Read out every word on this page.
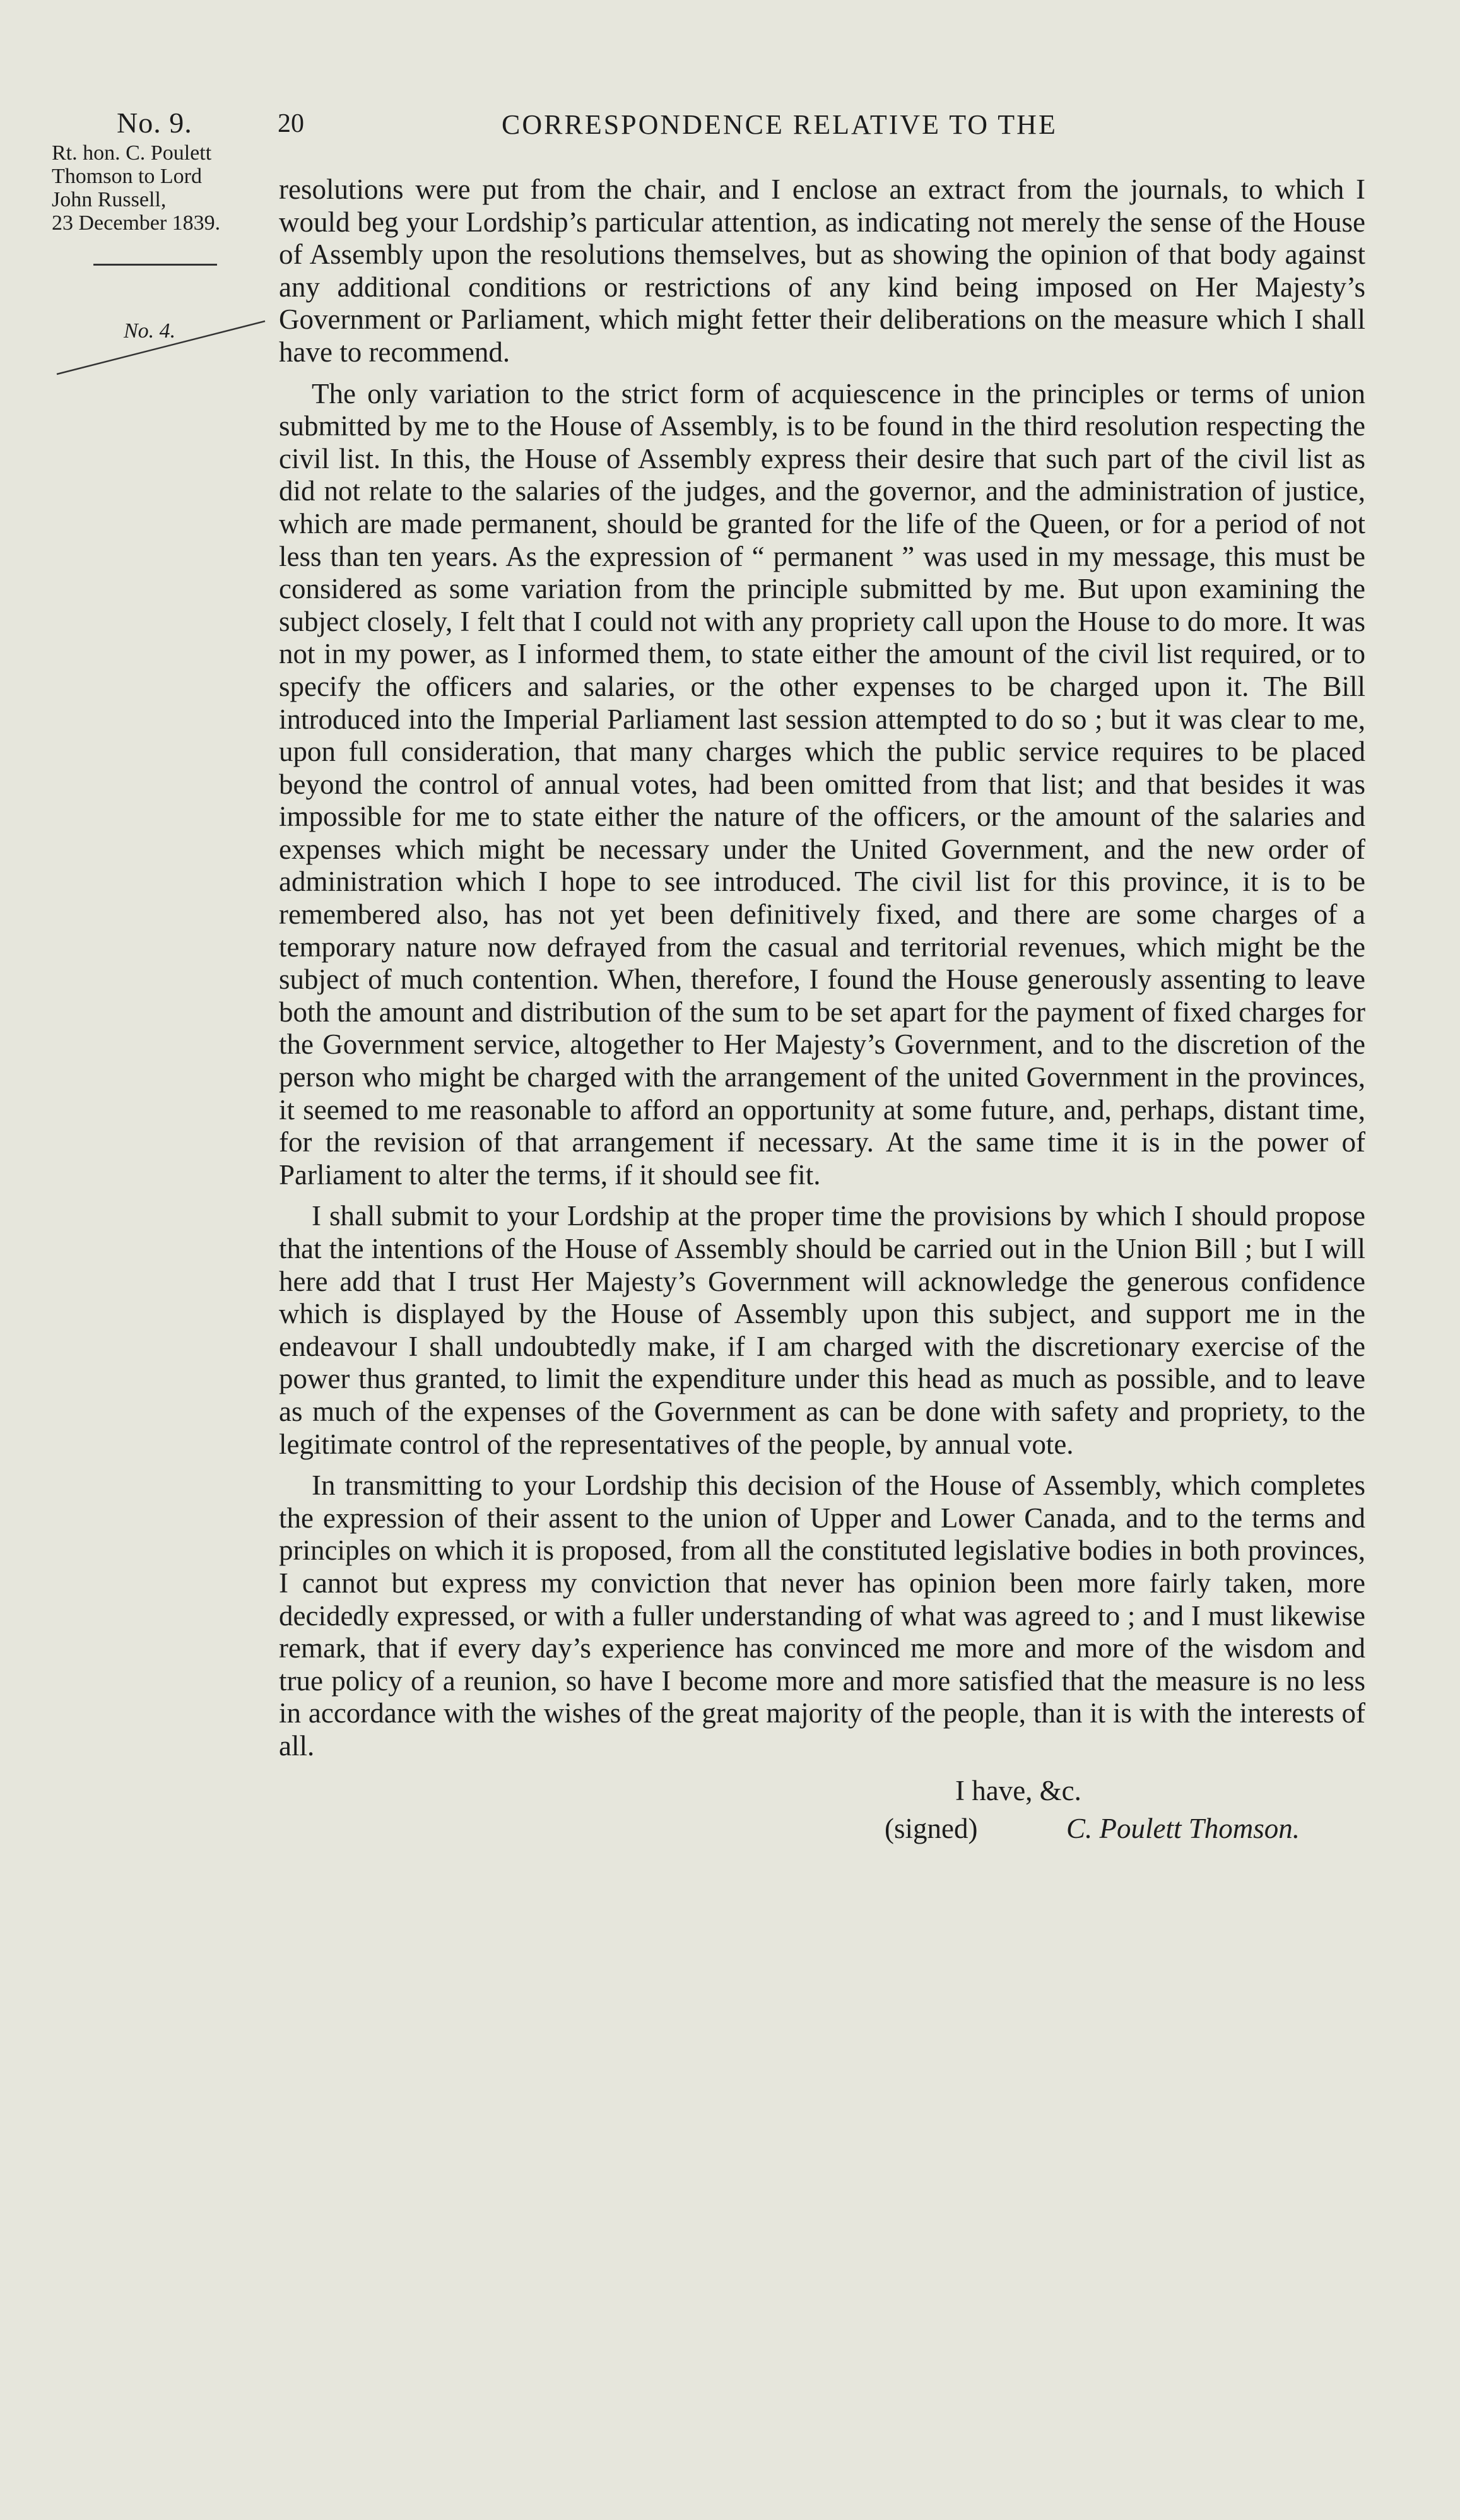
No. 9.	20	CORRESPONDENCE RELATIVE TO THE
Rt. hon. C. Poulett
Thomson to Lord
John Russell,
23 December 1839.
No. 4.

resolutions were put from the chair, and I enclose an extract from the journals, to which I would beg your Lordship’s particular attention, as indicating not merely the sense of the House of Assembly upon the resolutions themselves, but as showing the opinion of that body against any additional conditions or restrictions of any kind being imposed on Her Majesty’s Government or Parliament, which might fetter their deliberations on the measure which I shall have to recommend.

The only variation to the strict form of acquiescence in the principles or terms of union submitted by me to the House of Assembly, is to be found in the third resolution respecting the civil list. In this, the House of Assembly express their desire that such part of the civil list as did not relate to the salaries of the judges, and the governor, and the administration of justice, which are made permanent, should be granted for the life of the Queen, or for a period of not less than ten years. As the expression of “ permanent ” was used in my message, this must be considered as some variation from the principle submitted by me. But upon examining the subject closely, I felt that I could not with any propriety call upon the House to do more. It was not in my power, as I informed them, to state either the amount of the civil list required, or to specify the officers and salaries, or the other expenses to be charged upon it. The Bill introduced into the Imperial Parliament last session attempted to do so ; but it was clear to me, upon full consideration, that many charges which the public service requires to be placed beyond the control of annual votes, had been omitted from that list; and that besides it was impossible for me to state either the nature of the officers, or the amount of the salaries and expenses which might be necessary under the United Government, and the new order of administration which I hope to see introduced. The civil list for this province, it is to be remembered also, has not yet been definitively fixed, and there are some charges of a temporary nature now defrayed from the casual and territorial revenues, which might be the subject of much contention. When, therefore, I found the House generously assenting to leave both the amount and distribution of the sum to be set apart for the payment of fixed charges for the Government service, altogether to Her Majesty’s Government, and to the discretion of the person who might be charged with the arrangement of the united Government in the provinces, it seemed to me reasonable to afford an opportunity at some future, and, perhaps, distant time, for the revision of that arrangement if necessary. At the same time it is in the power of Parliament to alter the terms, if it should see fit.

I shall submit to your Lordship at the proper time the provisions by which I should propose that the intentions of the House of Assembly should be carried out in the Union Bill ; but I will here add that I trust Her Majesty’s Government will acknowledge the generous confidence which is displayed by the House of Assembly upon this subject, and support me in the endeavour I shall undoubtedly make, if I am charged with the discretionary exercise of the power thus granted, to limit the expenditure under this head as much as possible, and to leave as much of the expenses of the Government as can be done with safety and propriety, to the legitimate control of the representatives of the people, by annual vote.

In transmitting to your Lordship this decision of the House of Assembly, which completes the expression of their assent to the union of Upper and Lower Canada, and to the terms and principles on which it is proposed, from all the constituted legislative bodies in both provinces, I cannot but express my conviction that never has opinion been more fairly taken, more decidedly expressed, or with a fuller understanding of what was agreed to ; and I must likewise remark, that if every day’s experience has convinced me more and more of the wisdom and true policy of a reunion, so have I become more and more satisfied that the measure is no less in accordance with the wishes of the great majority of the people, than it is with the interests of all.

I have, &c.
(signed)	C. Poulett Thomson.
